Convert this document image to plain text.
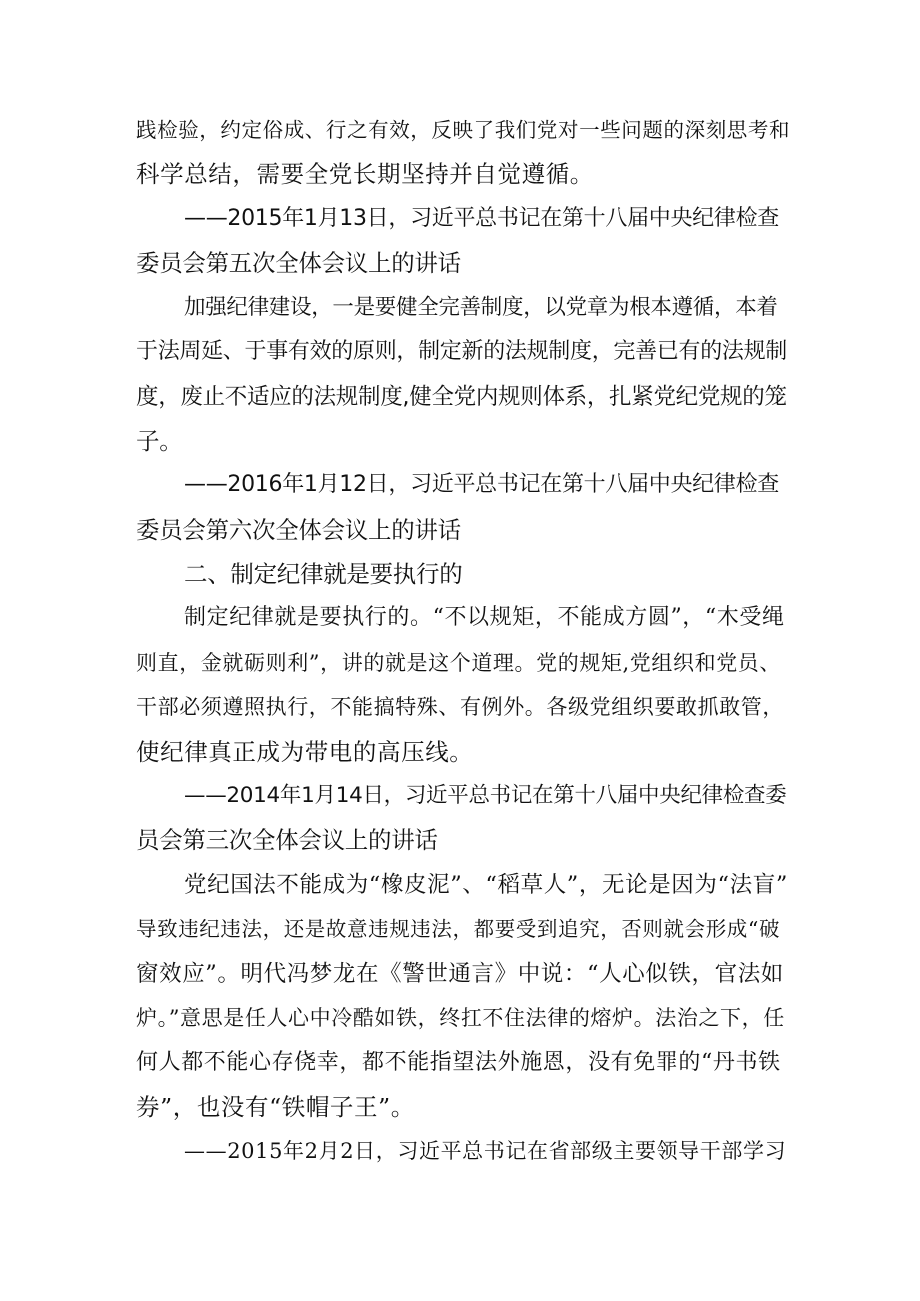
践检验，约定俗成、行之有效，反映了我们党对一些问题的深刻思考和
科学总结，需要全党长期坚持并自觉遵循。
——2015年1月13日，习近平总书记在第十八届中央纪律检查
委员会第五次全体会议上的讲话
加强纪律建设，一是要健全完善制度，以党章为根本遵循，本着
于法周延、于事有效的原则，制定新的法规制度，完善已有的法规制
度，废止不适应的法规制度,健全党内规则体系，扎紧党纪党规的笼
子。
——2016年1月12日，习近平总书记在第十八届中央纪律检查
委员会第六次全体会议上的讲话
二、制定纪律就是要执行的
制定纪律就是要执行的。“不以规矩，不能成方圆”，“木受绳
则直，金就砺则利”，讲的就是这个道理。党的规矩,党组织和党员、
干部必须遵照执行，不能搞特殊、有例外。各级党组织要敢抓敢管，
使纪律真正成为带电的高压线。
——2014年1月14日，习近平总书记在第十八届中央纪律检查委
员会第三次全体会议上的讲话
党纪国法不能成为“橡皮泥”、“稻草人”，无论是因为“法盲”
导致违纪违法，还是故意违规违法，都要受到追究，否则就会形成“破
窗效应”。明代冯梦龙在《警世通言》中说：“人心似铁，官法如
炉。”意思是任人心中冷酷如铁，终扛不住法律的熔炉。法治之下，任
何人都不能心存侥幸，都不能指望法外施恩，没有免罪的“丹书铁
券”，也没有“铁帽子王”。
——2015年2月2日，习近平总书记在省部级主要领导干部学习
